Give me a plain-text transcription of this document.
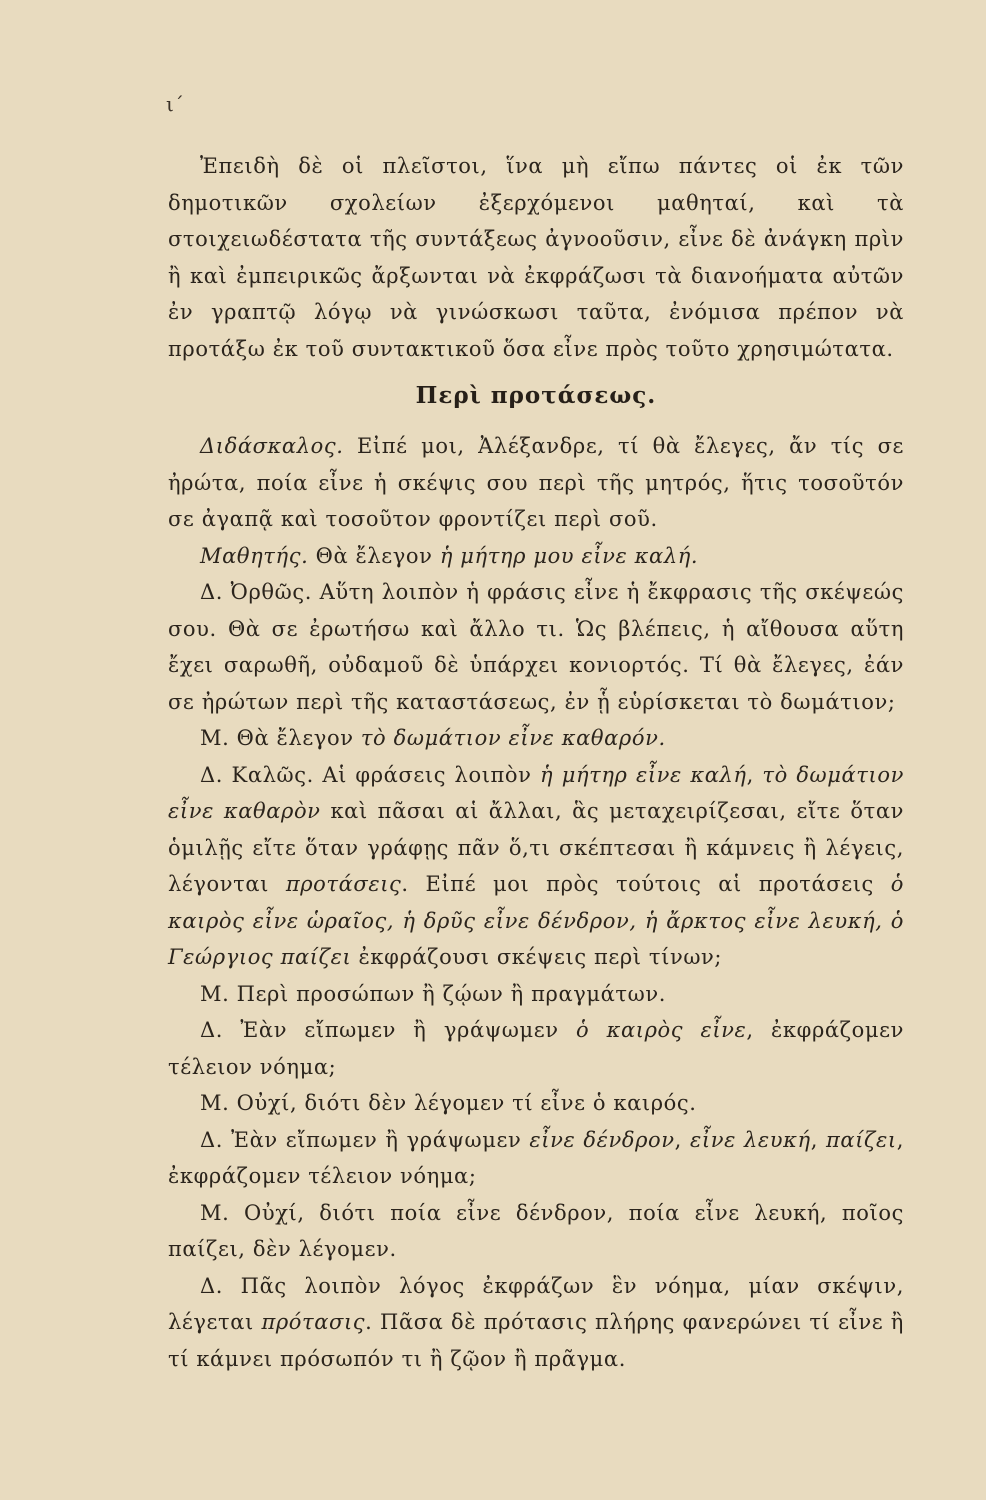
ι΄
Ἐπειδὴ δὲ οἱ πλεῖστοι, ἵνα μὴ εἴπω πάντες οἱ ἐκ τῶν δημοτικῶν σχολείων ἐξερχόμενοι μαθηταί, καὶ τὰ στοιχειωδέστατα τῆς συντάξεως ἀγνοοῦσιν, εἶνε δὲ ἀνάγκη πρὶν ἢ καὶ ἐμπειρικῶς ἄρξωνται νὰ ἐκφράζωσι τὰ διανοήματα αὐτῶν ἐν γραπτῷ λόγῳ νὰ γινώσκωσι ταῦτα, ἐνόμισα πρέπον νὰ προτάξω ἐκ τοῦ συντακτικοῦ ὅσα εἶνε πρὸς τοῦτο χρησιμώτατα.
Περὶ προτάσεως.

Διδάσκαλος. Εἰπέ μοι, Ἀλέξανδρε, τί θὰ ἔλεγες, ἄν τίς σε ἠρώτα, ποία εἶνε ἡ σκέψις σου περὶ τῆς μητρός, ἥτις τοσοῦτόν σε ἀγαπᾷ καὶ τοσοῦτον φροντίζει περὶ σοῦ.

Μαθητής. Θὰ ἔλεγον ἡ μήτηρ μου εἶνε καλή.

Δ. Ὀρθῶς. Αὕτη λοιπὸν ἡ φράσις εἶνε ἡ ἔκφρασις τῆς σκέψεώς σου. Θὰ σε ἐρωτήσω καὶ ἄλλο τι. Ὡς βλέπεις, ἡ αἴθουσα αὕτη ἔχει σαρωθῆ, οὐδαμοῦ δὲ ὑπάρχει κονιορτός. Τί θὰ ἔλεγες, ἐάν σε ἠρώτων περὶ τῆς καταστάσεως, ἐν ᾗ εὑρίσκεται τὸ δωμάτιον;

Μ. Θὰ ἔλεγον τὸ δωμάτιον εἶνε καθαρόν.

Δ. Καλῶς. Αἱ φράσεις λοιπὸν ἡ μήτηρ εἶνε καλή, τὸ δωμάτιον εἶνε καθαρὸν καὶ πᾶσαι αἱ ἄλλαι, ἃς μεταχειρίζεσαι, εἴτε ὅταν ὁμιλῇς εἴτε ὅταν γράφῃς πᾶν ὅ,τι σκέπτεσαι ἢ κάμνεις ἢ λέγεις, λέγονται προτάσεις. Εἰπέ μοι πρὸς τούτοις αἱ προτάσεις ὁ καιρὸς εἶνε ὡραῖος, ἡ δρῦς εἶνε δένδρον, ἡ ἄρκτος εἶνε λευκή, ὁ Γεώργιος παίζει ἐκφράζουσι σκέψεις περὶ τίνων;

Μ. Περὶ προσώπων ἢ ζῴων ἢ πραγμάτων.

Δ. Ἐὰν εἴπωμεν ἢ γράψωμεν ὁ καιρὸς εἶνε, ἐκφράζομεν τέλειον νόημα;

Μ. Οὐχί, διότι δὲν λέγομεν τί εἶνε ὁ καιρός.

Δ. Ἐὰν εἴπωμεν ἢ γράψωμεν εἶνε δένδρον, εἶνε λευκή, παίζει, ἐκφράζομεν τέλειον νόημα;

Μ. Οὐχί, διότι ποία εἶνε δένδρον, ποία εἶνε λευκή, ποῖος παίζει, δὲν λέγομεν.

Δ. Πᾶς λοιπὸν λόγος ἐκφράζων ἓν νόημα, μίαν σκέψιν, λέγεται πρότασις. Πᾶσα δὲ πρότασις πλήρης φανερώνει τί εἶνε ἢ τί κάμνει πρόσωπόν τι ἢ ζῷον ἢ πρᾶγμα.
